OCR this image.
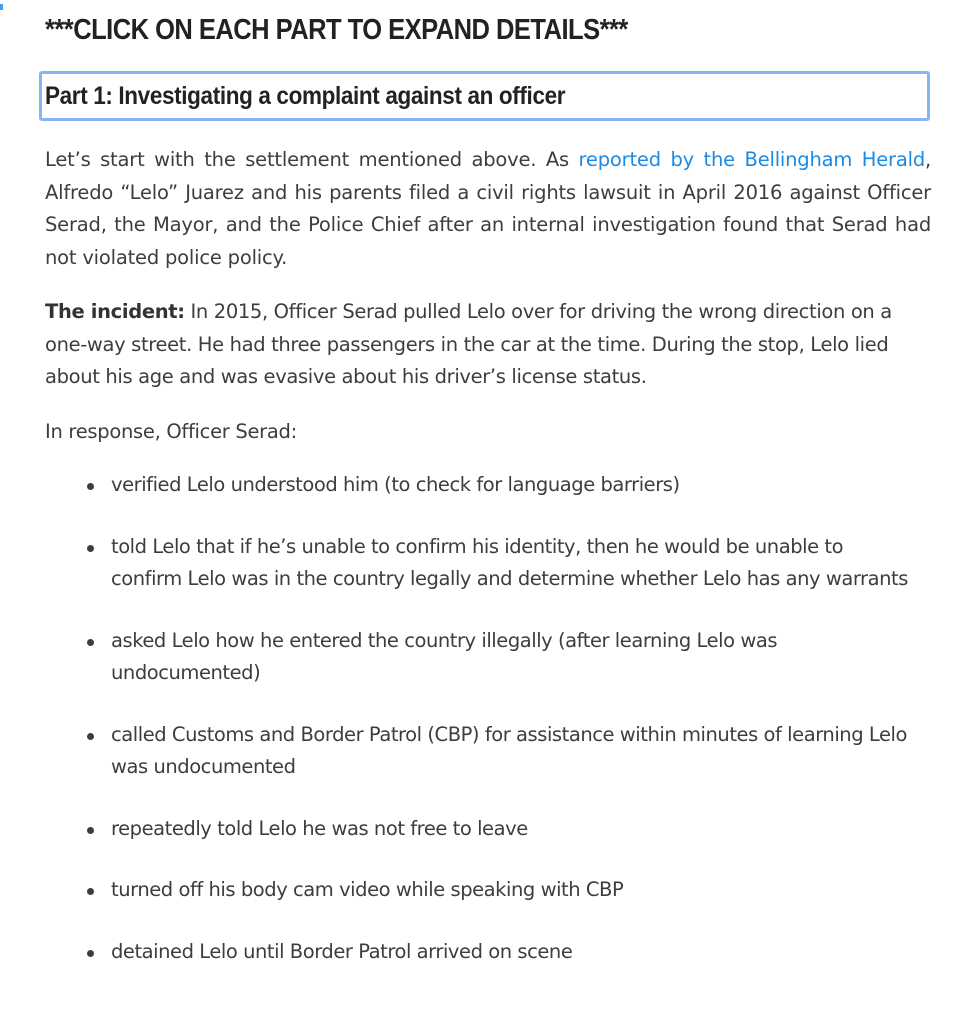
***CLICK ON EACH PART TO EXPAND DETAILS***
Part 1: Investigating a complaint against an officer

Let’s start with the settlement mentioned above. As reported by the Bellingham Herald, Alfredo “Lelo” Juarez and his parents filed a civil rights lawsuit in April 2016 against Officer Serad, the Mayor, and the Police Chief after an internal investigation found that Serad had not violated police policy.

The incident: In 2015, Officer Serad pulled Lelo over for driving the wrong direction on a one-way street. He had three passengers in the car at the time. During the stop, Lelo lied about his age and was evasive about his driver’s license status.

In response, Officer Serad:

verified Lelo understood him (to check for language barriers)
told Lelo that if he’s unable to confirm his identity, then he would be unable to confirm Lelo was in the country legally and determine whether Lelo has any warrants
asked Lelo how he entered the country illegally (after learning Lelo was undocumented)
called Customs and Border Patrol (CBP) for assistance within minutes of learning Lelo was undocumented
repeatedly told Lelo he was not free to leave
turned off his body cam video while speaking with CBP
detained Lelo until Border Patrol arrived on scene
